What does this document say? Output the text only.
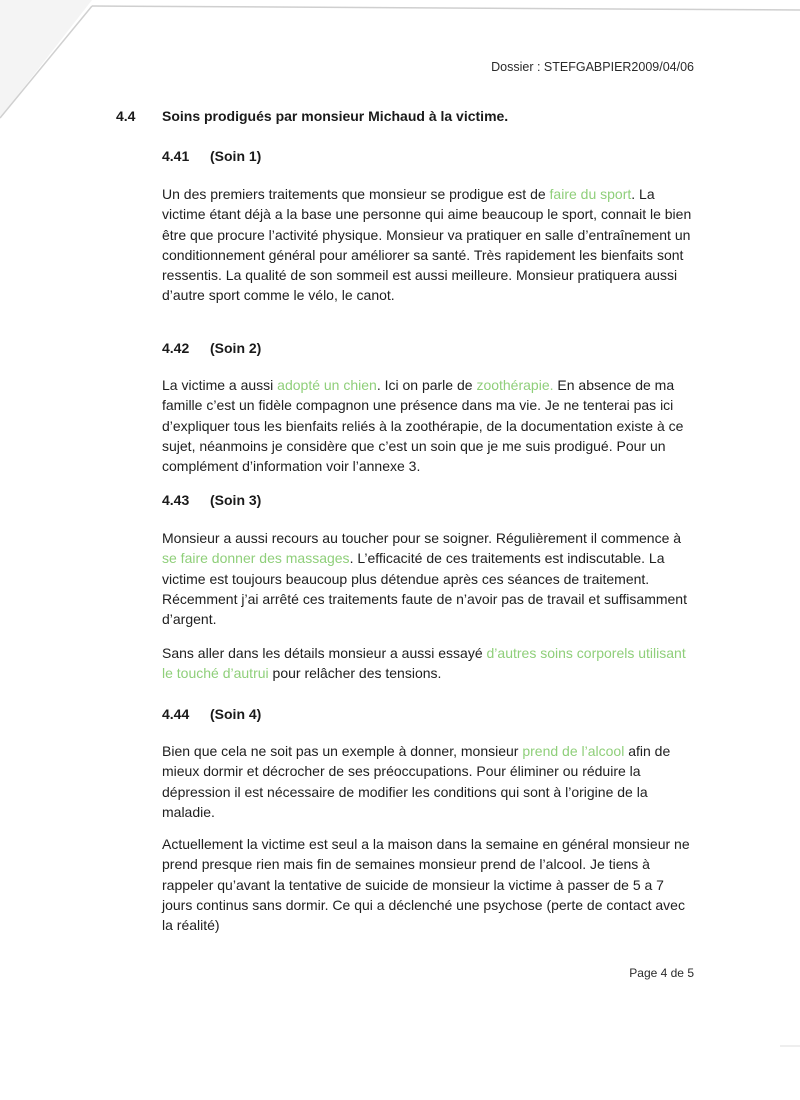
Dossier : STEFGABPIER2009/04/06
4.4 Soins prodigués par monsieur Michaud à la victime.
4.41 (Soin 1)

Un des premiers traitements que monsieur se prodigue est de faire du sport. La victime étant déjà a la base une personne qui aime beaucoup le sport, connait le bien être que procure l’activité physique. Monsieur va pratiquer en salle d’entraînement un conditionnement général pour améliorer sa santé. Très rapidement les bienfaits sont ressentis. La qualité de son sommeil est aussi meilleure. Monsieur pratiquera aussi d’autre sport comme le vélo, le canot.

4.42 (Soin 2)

La victime a aussi adopté un chien. Ici on parle de zoothérapie. En absence de ma famille c’est un fidèle compagnon une présence dans ma vie. Je ne tenterai pas ici d’expliquer tous les bienfaits reliés à la zoothérapie, de la documentation existe à ce sujet, néanmoins je considère que c’est un soin que je me suis prodigué. Pour un complément d’information voir l’annexe 3.

4.43 (Soin 3)

Monsieur a aussi recours au toucher pour se soigner. Régulièrement il commence à se faire donner des massages. L’efficacité de ces traitements est indiscutable. La victime est toujours beaucoup plus détendue après ces séances de traitement. Récemment j’ai arrêté ces traitements faute de n’avoir pas de travail et suffisamment d’argent.

Sans aller dans les détails monsieur a aussi essayé d’autres soins corporels utilisant le touché d’autrui pour relâcher des tensions.

4.44 (Soin 4)

Bien que cela ne soit pas un exemple à donner, monsieur prend de l’alcool afin de mieux dormir et décrocher de ses préoccupations. Pour éliminer ou réduire la dépression il est nécessaire de modifier les conditions qui sont à l’origine de la maladie.

Actuellement la victime est seul a la maison dans la semaine en général monsieur ne prend presque rien mais fin de semaines monsieur prend de l’alcool. Je tiens à rappeler qu’avant la tentative de suicide de monsieur la victime à passer de 5 a 7 jours continus sans dormir. Ce qui a déclenché une psychose (perte de contact avec la réalité)

Page 4 de 5
